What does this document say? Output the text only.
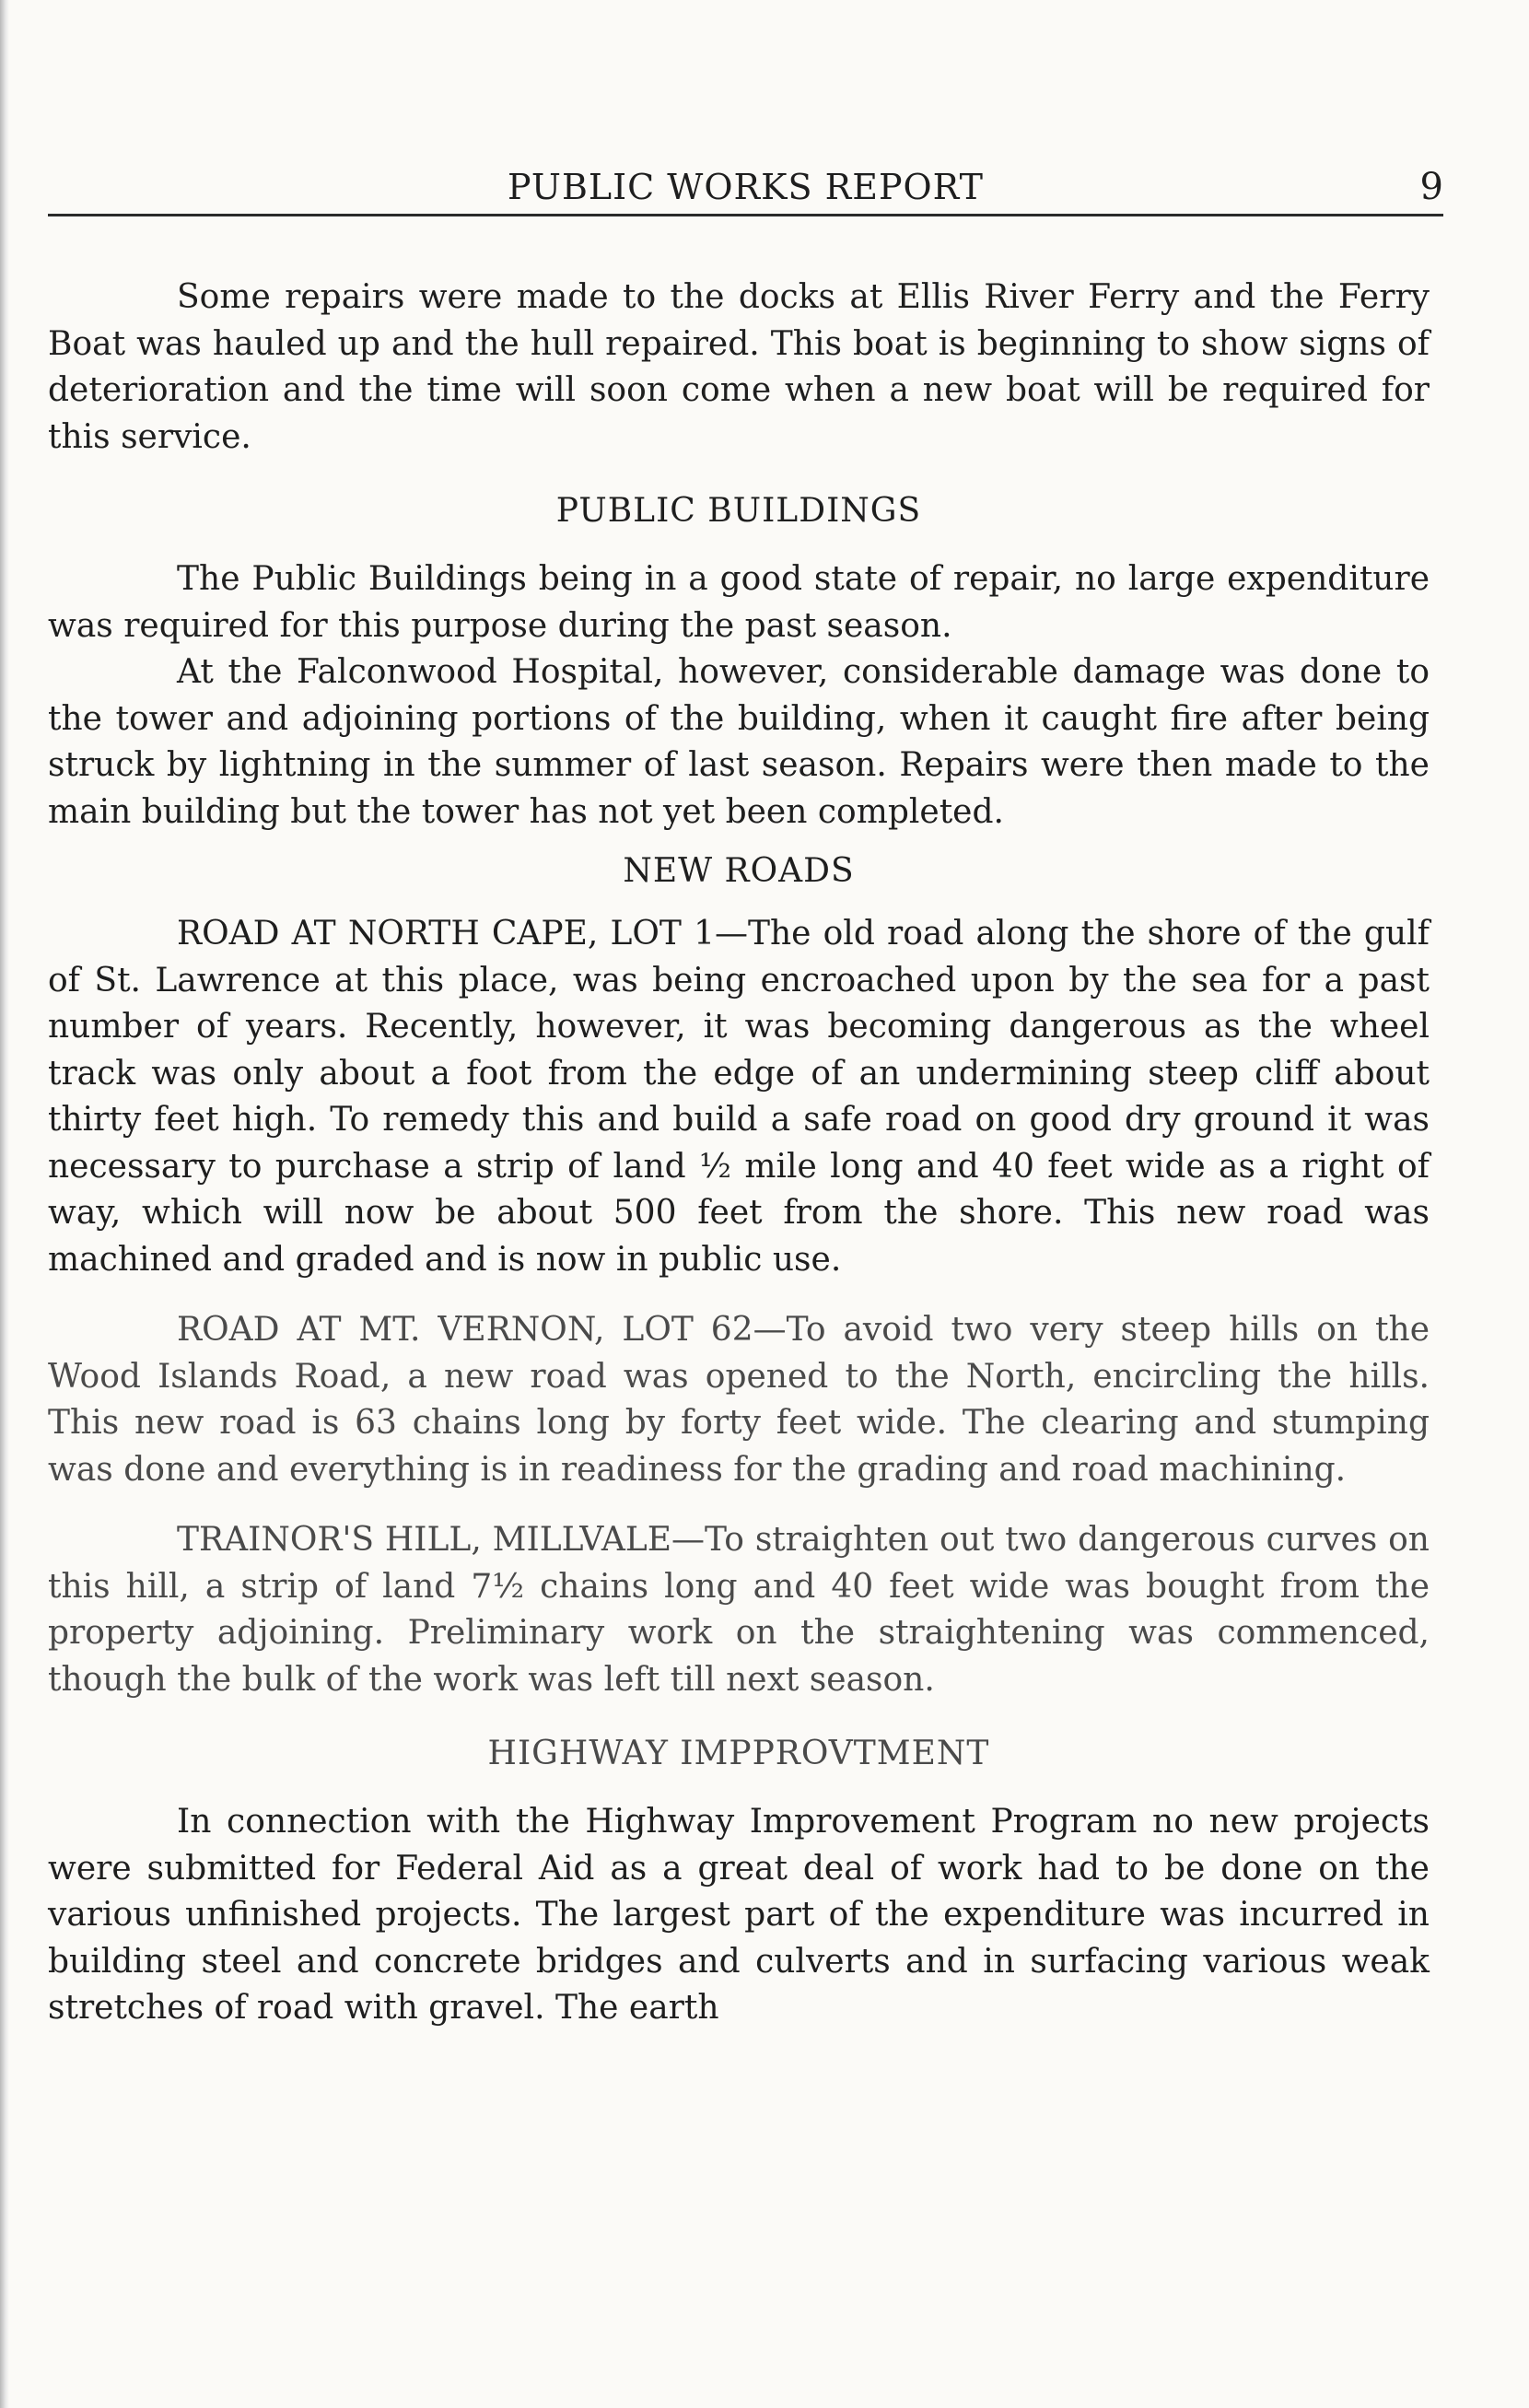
PUBLIC WORKS REPORT	9

Some repairs were made to the docks at Ellis River Ferry and the Ferry Boat was hauled up and the hull repaired. This boat is beginning to show signs of deterioration and the time will soon come when a new boat will be required for this service.

PUBLIC BUILDINGS

The Public Buildings being in a good state of repair, no large expenditure was required for this purpose during the past season.

At the Falconwood Hospital, however, considerable damage was done to the tower and adjoining portions of the building, when it caught fire after being struck by lightning in the summer of last season. Repairs were then made to the main building but the tower has not yet been completed.

NEW ROADS

ROAD AT NORTH CAPE, LOT 1—The old road along the shore of the gulf of St. Lawrence at this place, was being encroached upon by the sea for a past number of years. Recently, however, it was becoming dangerous as the wheel track was only about a foot from the edge of an undermining steep cliff about thirty feet high. To remedy this and build a safe road on good dry ground it was necessary to purchase a strip of land ½ mile long and 40 feet wide as a right of way, which will now be about 500 feet from the shore. This new road was machined and graded and is now in public use.

ROAD AT MT. VERNON, LOT 62—To avoid two very steep hills on the Wood Islands Road, a new road was opened to the North, encircling the hills. This new road is 63 chains long by forty feet wide. The clearing and stumping was done and everything is in readiness for the grading and road machining.

TRAINOR'S HILL, MILLVALE—To straighten out two dangerous curves on this hill, a strip of land 7½ chains long and 40 feet wide was bought from the property adjoining. Preliminary work on the straightening was commenced, though the bulk of the work was left till next season.

HIGHWAY IMPPROVTMENT

In connection with the Highway Improvement Program no new projects were submitted for Federal Aid as a great deal of work had to be done on the various unfinished projects. The largest part of the expenditure was incurred in building steel and concrete bridges and culverts and in surfacing various weak stretches of road with gravel. The earth
